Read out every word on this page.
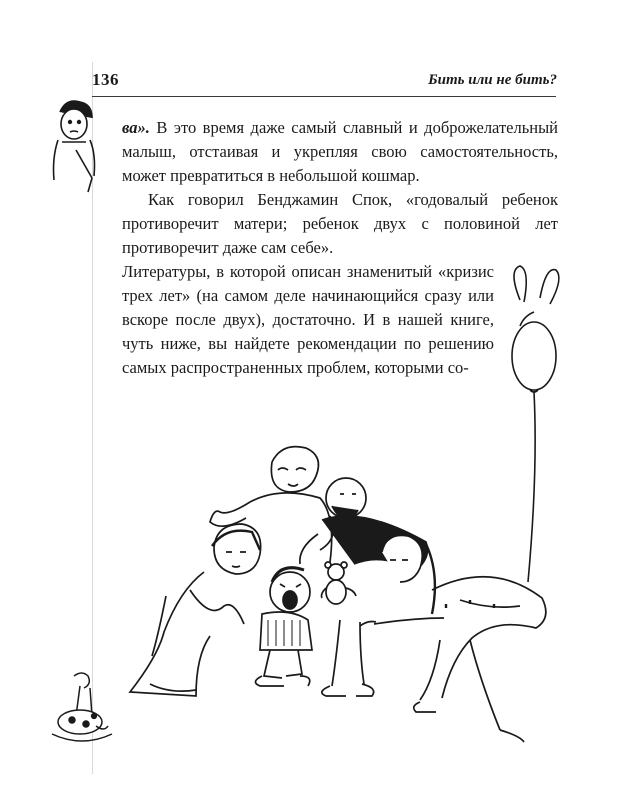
136	Бить или не бить?

ва». В это время даже самый славный и доброжелательный малыш, отстаивая и укрепляя свою самостоятельность, может превратиться в небольшой кошмар.

Как говорил Бенджамин Спок, «годовалый ребенок противоречит матери; ребенок двух с половиной лет противоречит даже сам себе».

Литературы, в которой описан знаменитый «кризис трех лет» (на самом деле начинающийся сразу или вскоре после двух), достаточно. И в нашей книге, чуть ниже, вы найдете рекомендации по решению самых распространенных проблем, которыми со-
